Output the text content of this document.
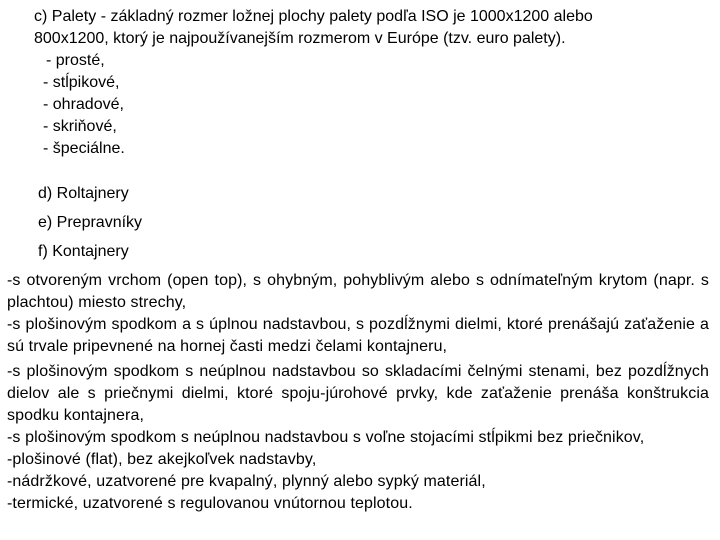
c) Palety - základný rozmer ložnej plochy palety podľa ISO je 1000x1200 alebo 800x1200, ktorý je najpoužívanejším rozmerom v Európe (tzv. euro palety).

- prosté,
- stĺpikové,
- ohradové,
- skriňové,
- špeciálne.
d) Roltajnery
e) Prepravníky
f) Kontajnery

-s otvoreným vrchom (open top), s ohybným, pohyblivým alebo s odnímateľným krytom (napr. s plachtou) miesto strechy,

-s plošinovým spodkom a s úplnou nadstavbou, s pozdĺžnymi dielmi, ktoré prenášajú zaťaženie a sú trvale pripevnené na hornej časti medzi čelami kontajneru,

-s plošinovým spodkom s neúplnou nadstavbou so skladacími čelnými stenami, bez pozdĺžnych dielov ale s priečnymi dielmi, ktoré spoju-júrohové prvky, kde zaťaženie prenáša konštrukcia spodku kontajnera,

-s plošinovým spodkom s neúplnou nadstavbou s voľne stojacími stĺpikmi bez priečnikov,

-plošinové (flat), bez akejkoľvek nadstavby,

-nádržkové, uzatvorené pre kvapalný, plynný alebo sypký materiál,

-termické, uzatvorené s regulovanou vnútornou teplotou.
